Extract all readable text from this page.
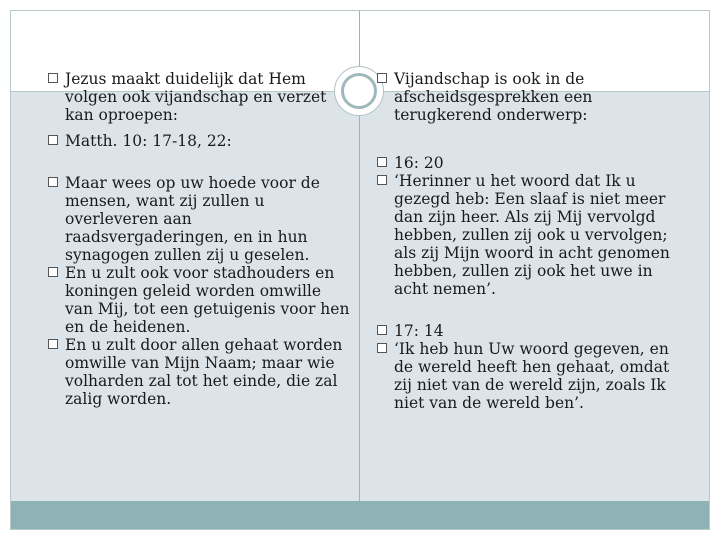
Jezus maakt duidelijk dat Hem volgen ook vijandschap en verzet kan oproepen:

Matth. 10: 17-18, 22:

Maar wees op uw hoede voor de mensen, want zij zullen u overleveren aan raadsvergaderingen, en in hun synagogen zullen zij u geselen.

En u zult ook voor stadhouders en koningen geleid worden omwille van Mij, tot een getuigenis voor hen en de heidenen.

En u zult door allen gehaat worden omwille van Mijn Naam; maar wie volharden zal tot het einde, die zal zalig worden.

Vijandschap is ook in de afscheidsgesprekken een terugkerend onderwerp:

16: 20

‘Herinner u het woord dat Ik u gezegd heb: Een slaaf is niet meer dan zijn heer. Als zij Mij vervolgd hebben, zullen zij ook u vervolgen; als zij Mijn woord in acht genomen hebben, zullen zij ook het uwe in acht nemen’.

17: 14

‘Ik heb hun Uw woord gegeven, en de wereld heeft hen gehaat, omdat zij niet van de wereld zijn, zoals Ik niet van de wereld ben’.
